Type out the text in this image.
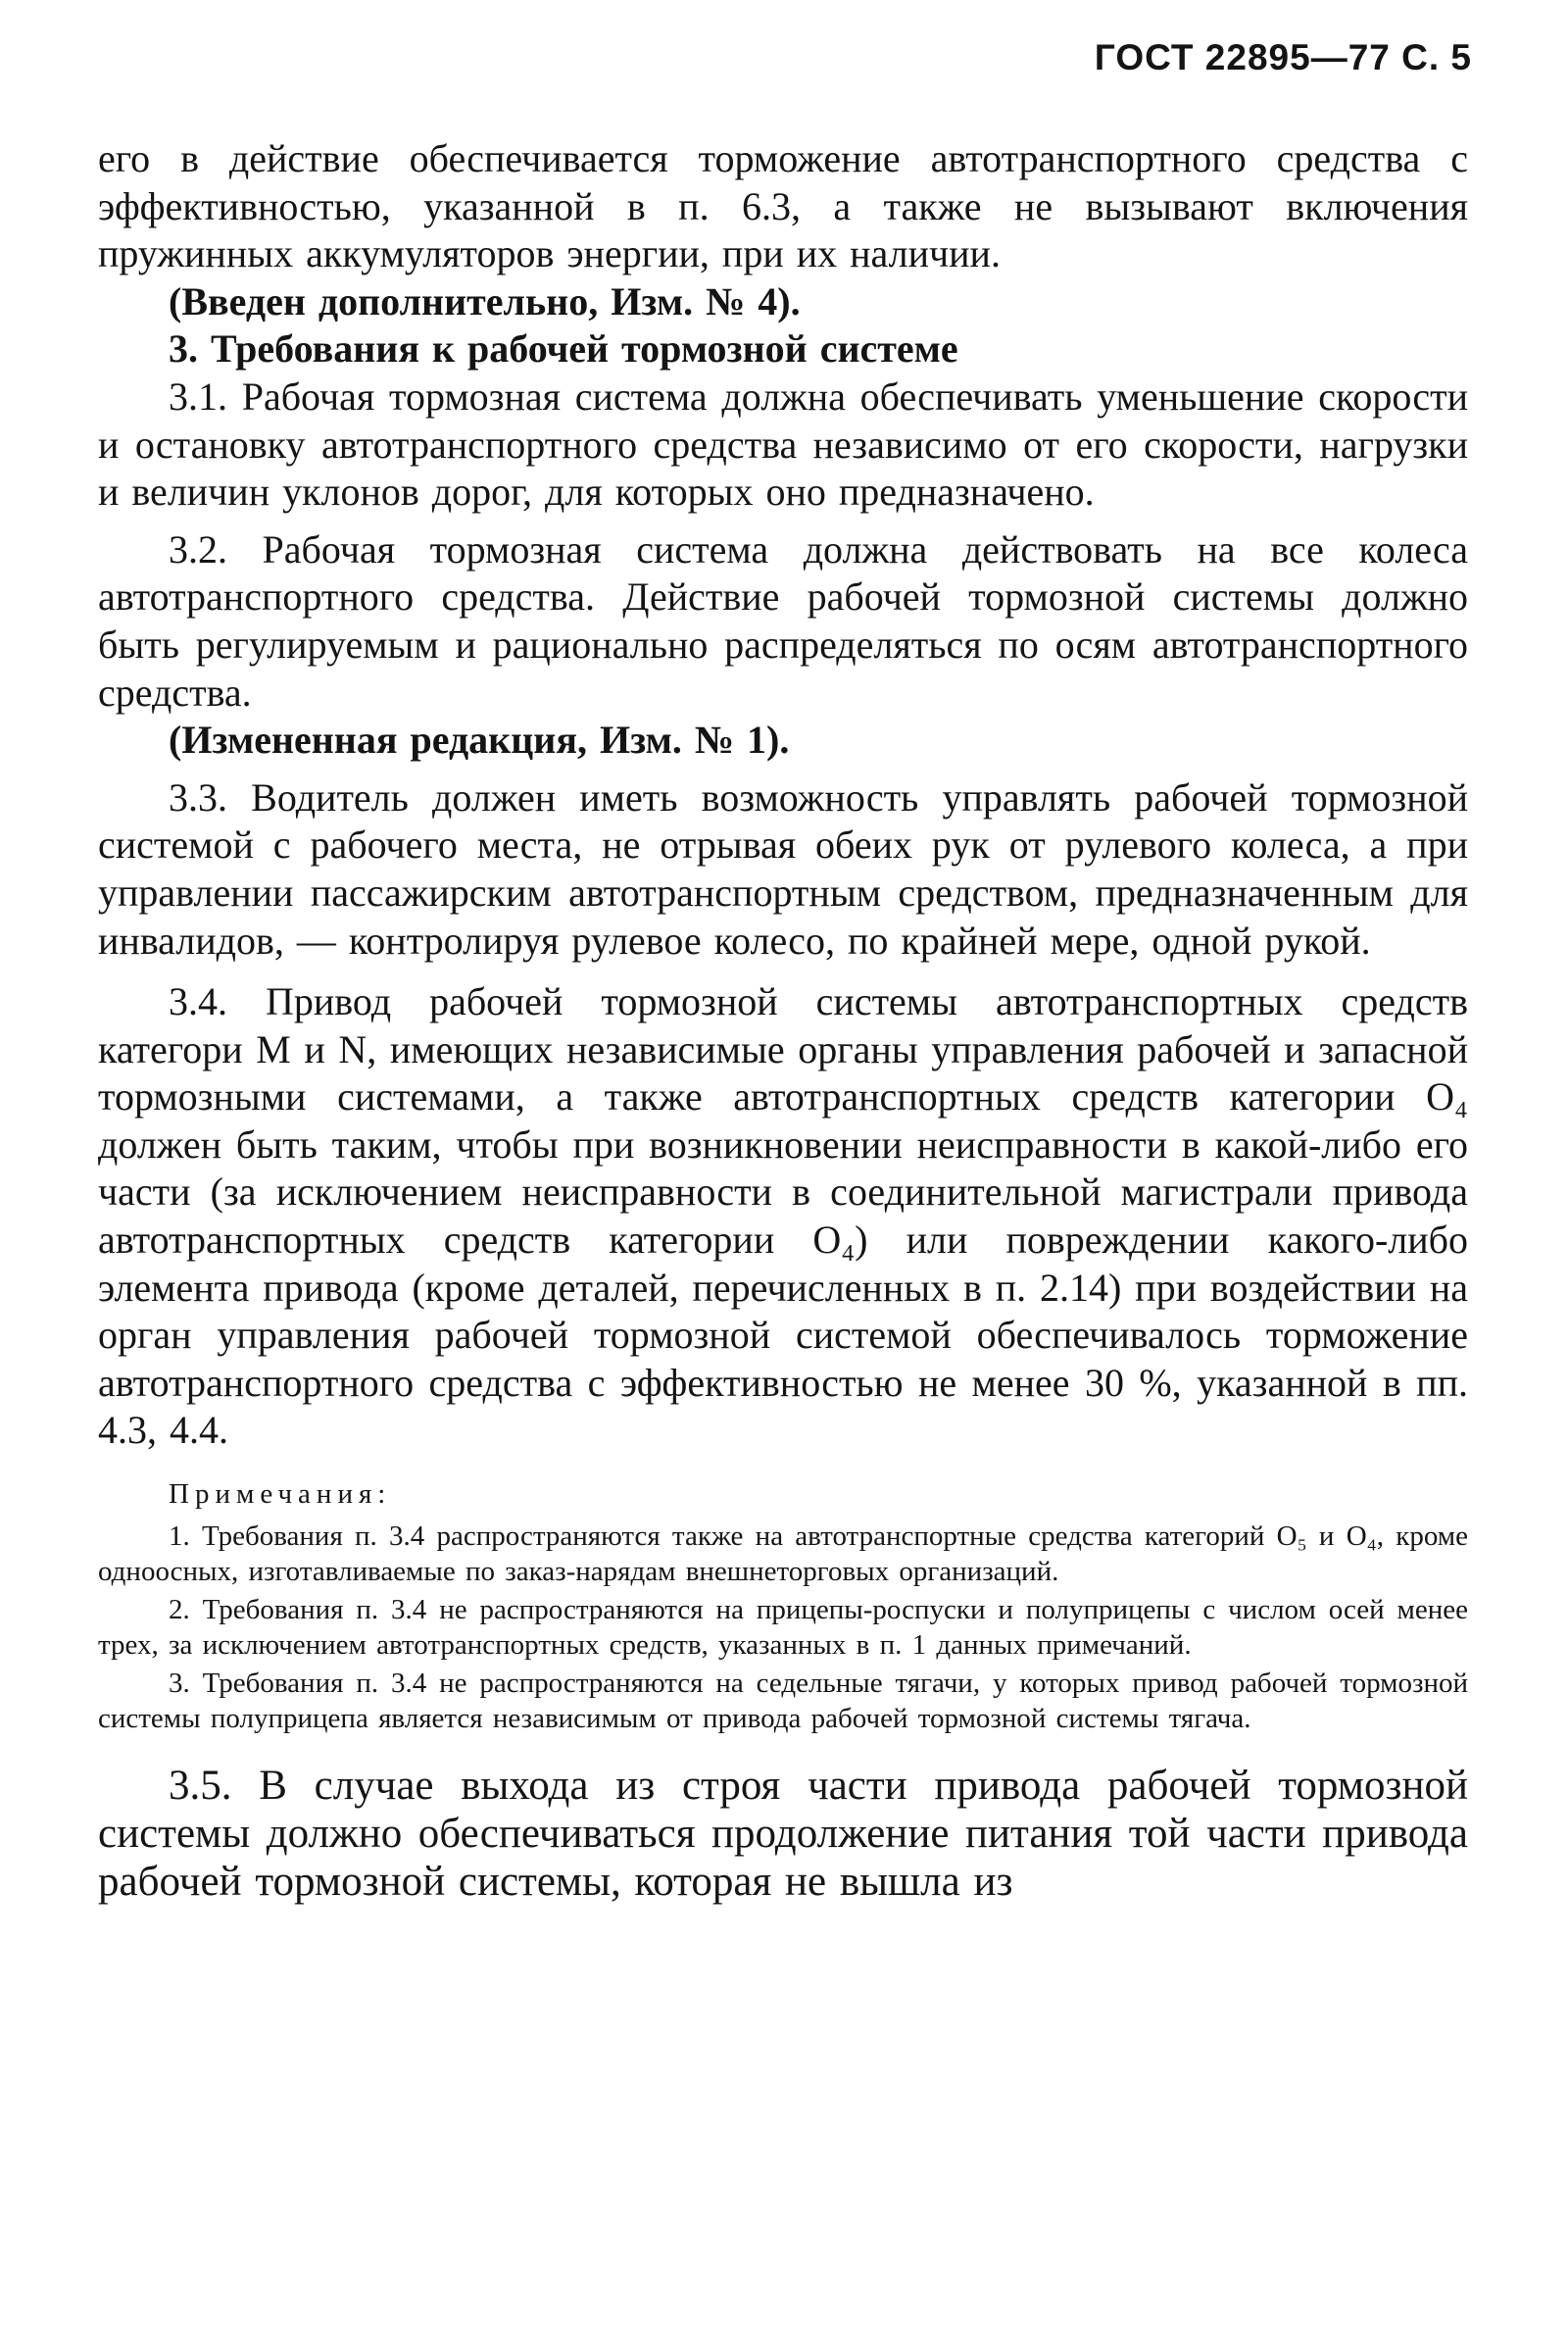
ГОСТ 22895—77 С. 5

его в действие обеспечивается торможение автотранспортного средства с эффективностью, указанной в п. 6.3, а также не вызывают включения пружинных аккумуляторов энергии, при их наличии.

(Введен дополнительно, Изм. № 4).

3. Требования к рабочей тормозной системе

3.1. Рабочая тормозная система должна обеспечивать уменьшение скорости и остановку автотранспортного средства независимо от его скорости, нагрузки и величин уклонов дорог, для которых оно предназначено.

3.2. Рабочая тормозная система должна действовать на все колеса автотранспортного средства. Действие рабочей тормозной системы должно быть регулируемым и рационально распределяться по осям автотранспортного средства.

(Измененная редакция, Изм. № 1).

3.3. Водитель должен иметь возможность управлять рабочей тормозной системой с рабочего места, не отрывая обеих рук от рулевого колеса, а при управлении пассажирским автотранспортным средством, предназначенным для инвалидов, — контролируя рулевое колесо, по крайней мере, одной рукой.

3.4. Привод рабочей тормозной системы автотранспортных средств категори М и N, имеющих независимые органы управления рабочей и запасной тормозными системами, а также автотранспортных средств категории O₄ должен быть таким, чтобы при возникновении неисправности в какой-либо его части (за исключением неисправности в соединительной магистрали привода автотранспортных средств категории O₄) или повреждении какого-либо элемента привода (кроме деталей, перечисленных в п. 2.14) при воздействии на орган управления рабочей тормозной системой обеспечивалось торможение автотранспортного средства с эффективностью не менее 30 %, указанной в пп. 4.3, 4.4.

Примечания:

1. Требования п. 3.4 распространяются также на автотранспортные средства категорий O₅ и O₄, кроме одноосных, изготавливаемые по заказ-нарядам внешнеторговых организаций.

2. Требования п. 3.4 не распространяются на прицепы-роспуски и полуприцепы с числом осей менее трех, за исключением автотранспортных средств, указанных в п. 1 данных примечаний.

3. Требования п. 3.4 не распространяются на седельные тягачи, у которых привод рабочей тормозной системы полуприцепа является независимым от привода рабочей тормозной системы тягача.

3.5. В случае выхода из строя части привода рабочей тормозной системы должно обеспечиваться продолжение питания той части привода рабочей тормозной системы, которая не вышла из
